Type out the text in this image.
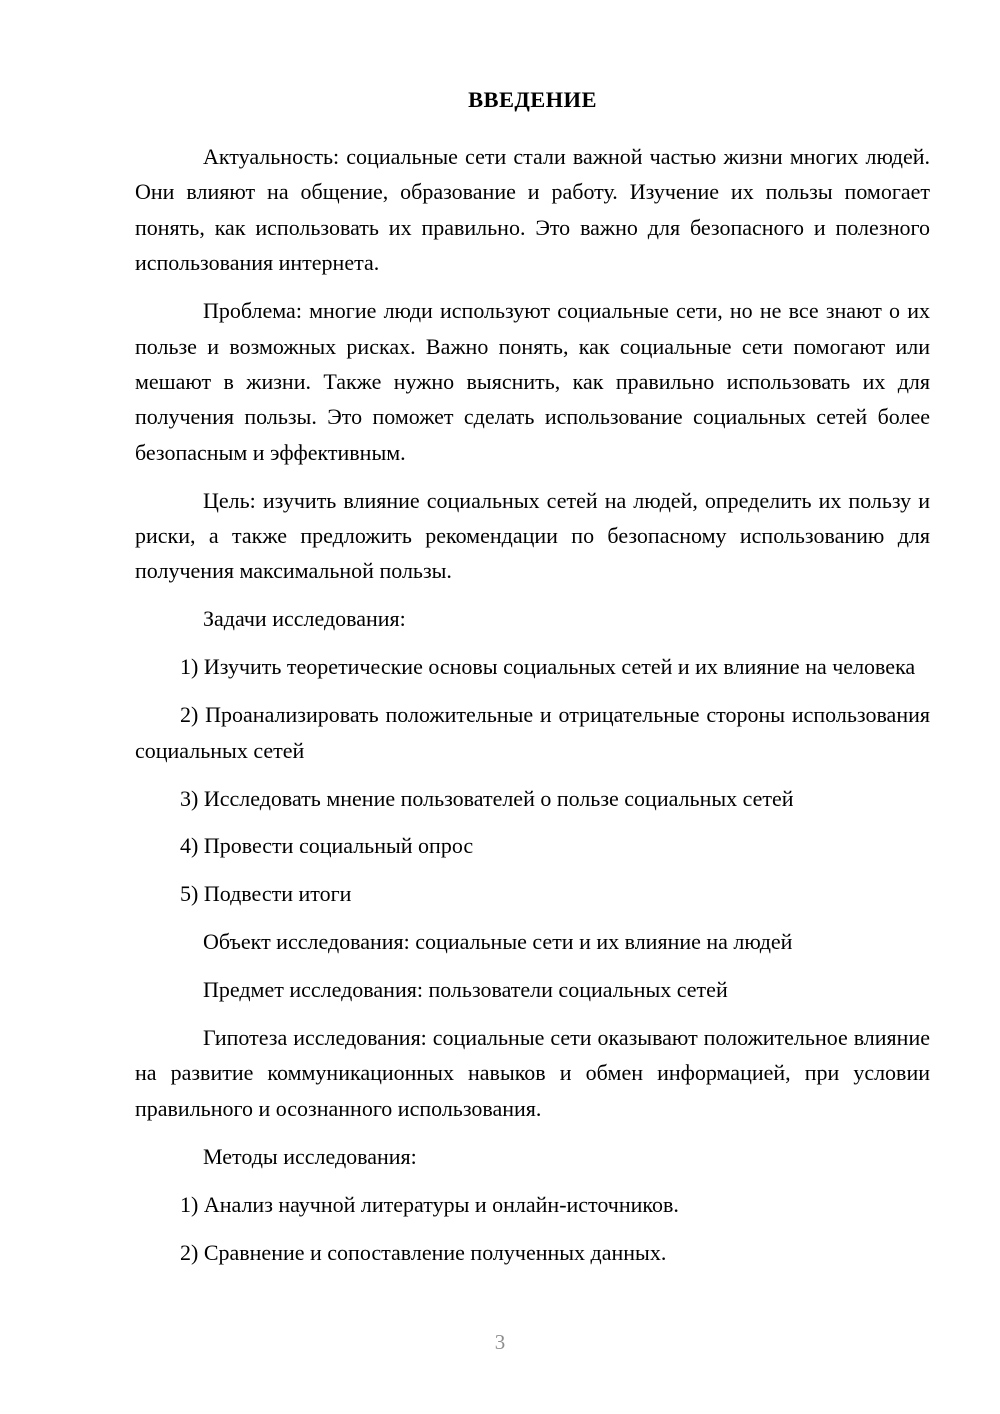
ВВЕДЕНИЕ

Актуальность: социальные сети стали важной частью жизни многих людей. Они влияют на общение, образование и работу. Изучение их пользы помогает понять, как использовать их правильно. Это важно для безопасного и полезного использования интернета.

Проблема: многие люди используют социальные сети, но не все знают о их пользе и возможных рисках. Важно понять, как социальные сети помогают или мешают в жизни. Также нужно выяснить, как правильно использовать их для получения пользы. Это поможет сделать использование социальных сетей более безопасным и эффективным.

Цель: изучить влияние социальных сетей на людей, определить их пользу и риски, а также предложить рекомендации по безопасному использованию для получения максимальной пользы.

Задачи исследования:

1) Изучить теоретические основы социальных сетей и их влияние на человека

2) Проанализировать положительные и отрицательные стороны использования социальных сетей

3) Исследовать мнение пользователей о пользе социальных сетей

4) Провести социальный опрос

5) Подвести итоги

Объект исследования: социальные сети и их влияние на людей

Предмет исследования: пользователи социальных сетей

Гипотеза исследования: социальные сети оказывают положительное влияние на развитие коммуникационных навыков и обмен информацией, при условии правильного и осознанного использования.

Методы исследования:

1) Анализ научной литературы и онлайн-источников.

2) Сравнение и сопоставление полученных данных.

3
